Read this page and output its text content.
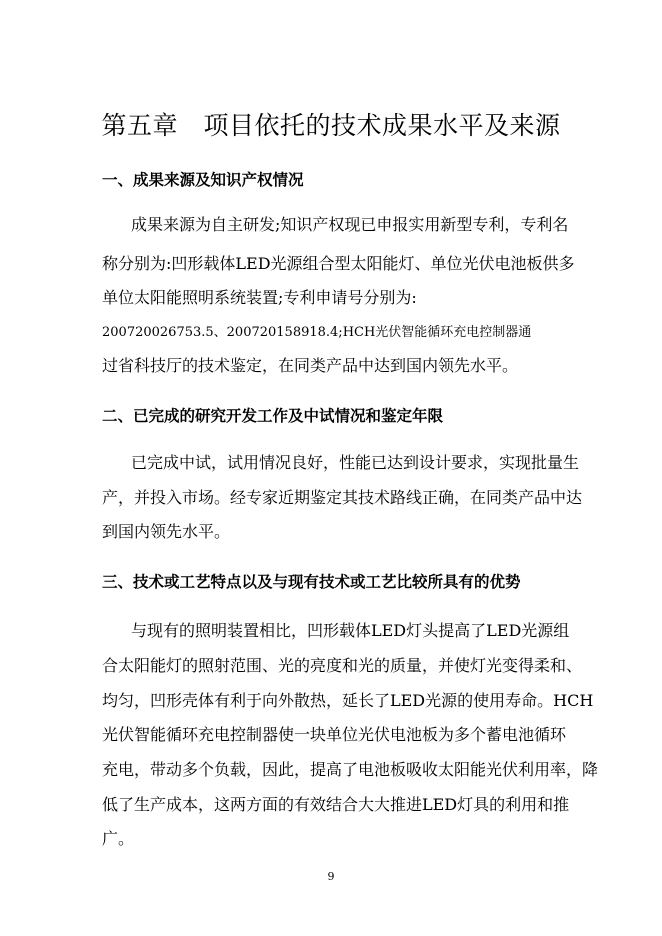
第五章　项目依托的技术成果水平及来源
一、成果来源及知识产权情况

成果来源为自主研发;知识产权现已申报实用新型专利，专利名

称分别为:凹形载体LED光源组合型太阳能灯、单位光伏电池板供多

单位太阳能照明系统装置;专利申请号分别为:

200720026753.5、200720158918.4;HCH光伏智能循环充电控制器通

过省科技厅的技术鉴定，在同类产品中达到国内领先水平。

二、已完成的研究开发工作及中试情况和鉴定年限

已完成中试，试用情况良好，性能已达到设计要求，实现批量生

产，并投入市场。经专家近期鉴定其技术路线正确，在同类产品中达

到国内领先水平。

三、技术或工艺特点以及与现有技术或工艺比较所具有的优势

与现有的照明装置相比，凹形载体LED灯头提高了LED光源组

合太阳能灯的照射范围、光的亮度和光的质量，并使灯光变得柔和、

均匀，凹形壳体有利于向外散热，延长了LED光源的使用寿命。HCH

光伏智能循环充电控制器使一块单位光伏电池板为多个蓄电池循环

充电，带动多个负载，因此，提高了电池板吸收太阳能光伏利用率，降

低了生产成本，这两方面的有效结合大大推进LED灯具的利用和推

广。

9
